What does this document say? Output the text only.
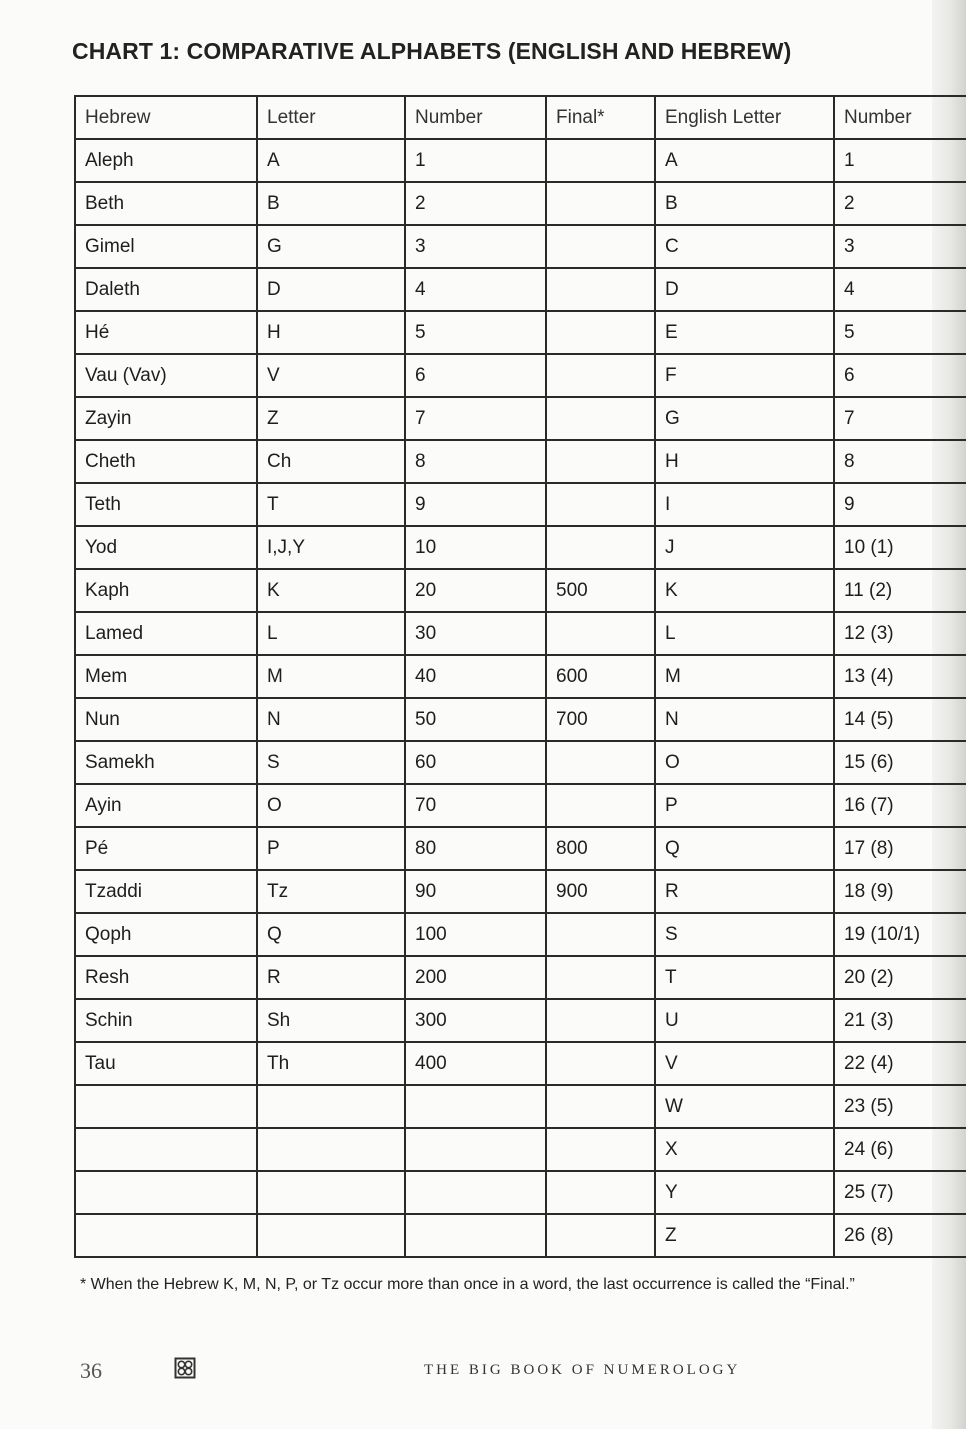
CHART 1: COMPARATIVE ALPHABETS (ENGLISH AND HEBREW)
Hebrew	Letter	Number	Final*	English Letter	Number
Aleph	A	1		A	1
Beth	B	2		B	2
Gimel	G	3		C	3
Daleth	D	4		D	4
Hé	H	5		E	5
Vau (Vav)	V	6		F	6
Zayin	Z	7		G	7
Cheth	Ch	8		H	8
Teth	T	9		I	9
Yod	I,J,Y	10		J	10 (1)
Kaph	K	20	500	K	11 (2)
Lamed	L	30		L	12 (3)
Mem	M	40	600	M	13 (4)
Nun	N	50	700	N	14 (5)
Samekh	S	60		O	15 (6)
Ayin	O	70		P	16 (7)
Pé	P	80	800	Q	17 (8)
Tzaddi	Tz	90	900	R	18 (9)
Qoph	Q	100		S	19 (10/1)
Resh	R	200		T	20 (2)
Schin	Sh	300		U	21 (3)
Tau	Th	400		V	22 (4)
				W	23 (5)
				X	24 (6)
				Y	25 (7)
				Z	26 (8)
* When the Hebrew K, M, N, P, or Tz occur more than once in a word, the last occurrence is called the “Final.”
36	THE BIG BOOK OF NUMEROLOGY
